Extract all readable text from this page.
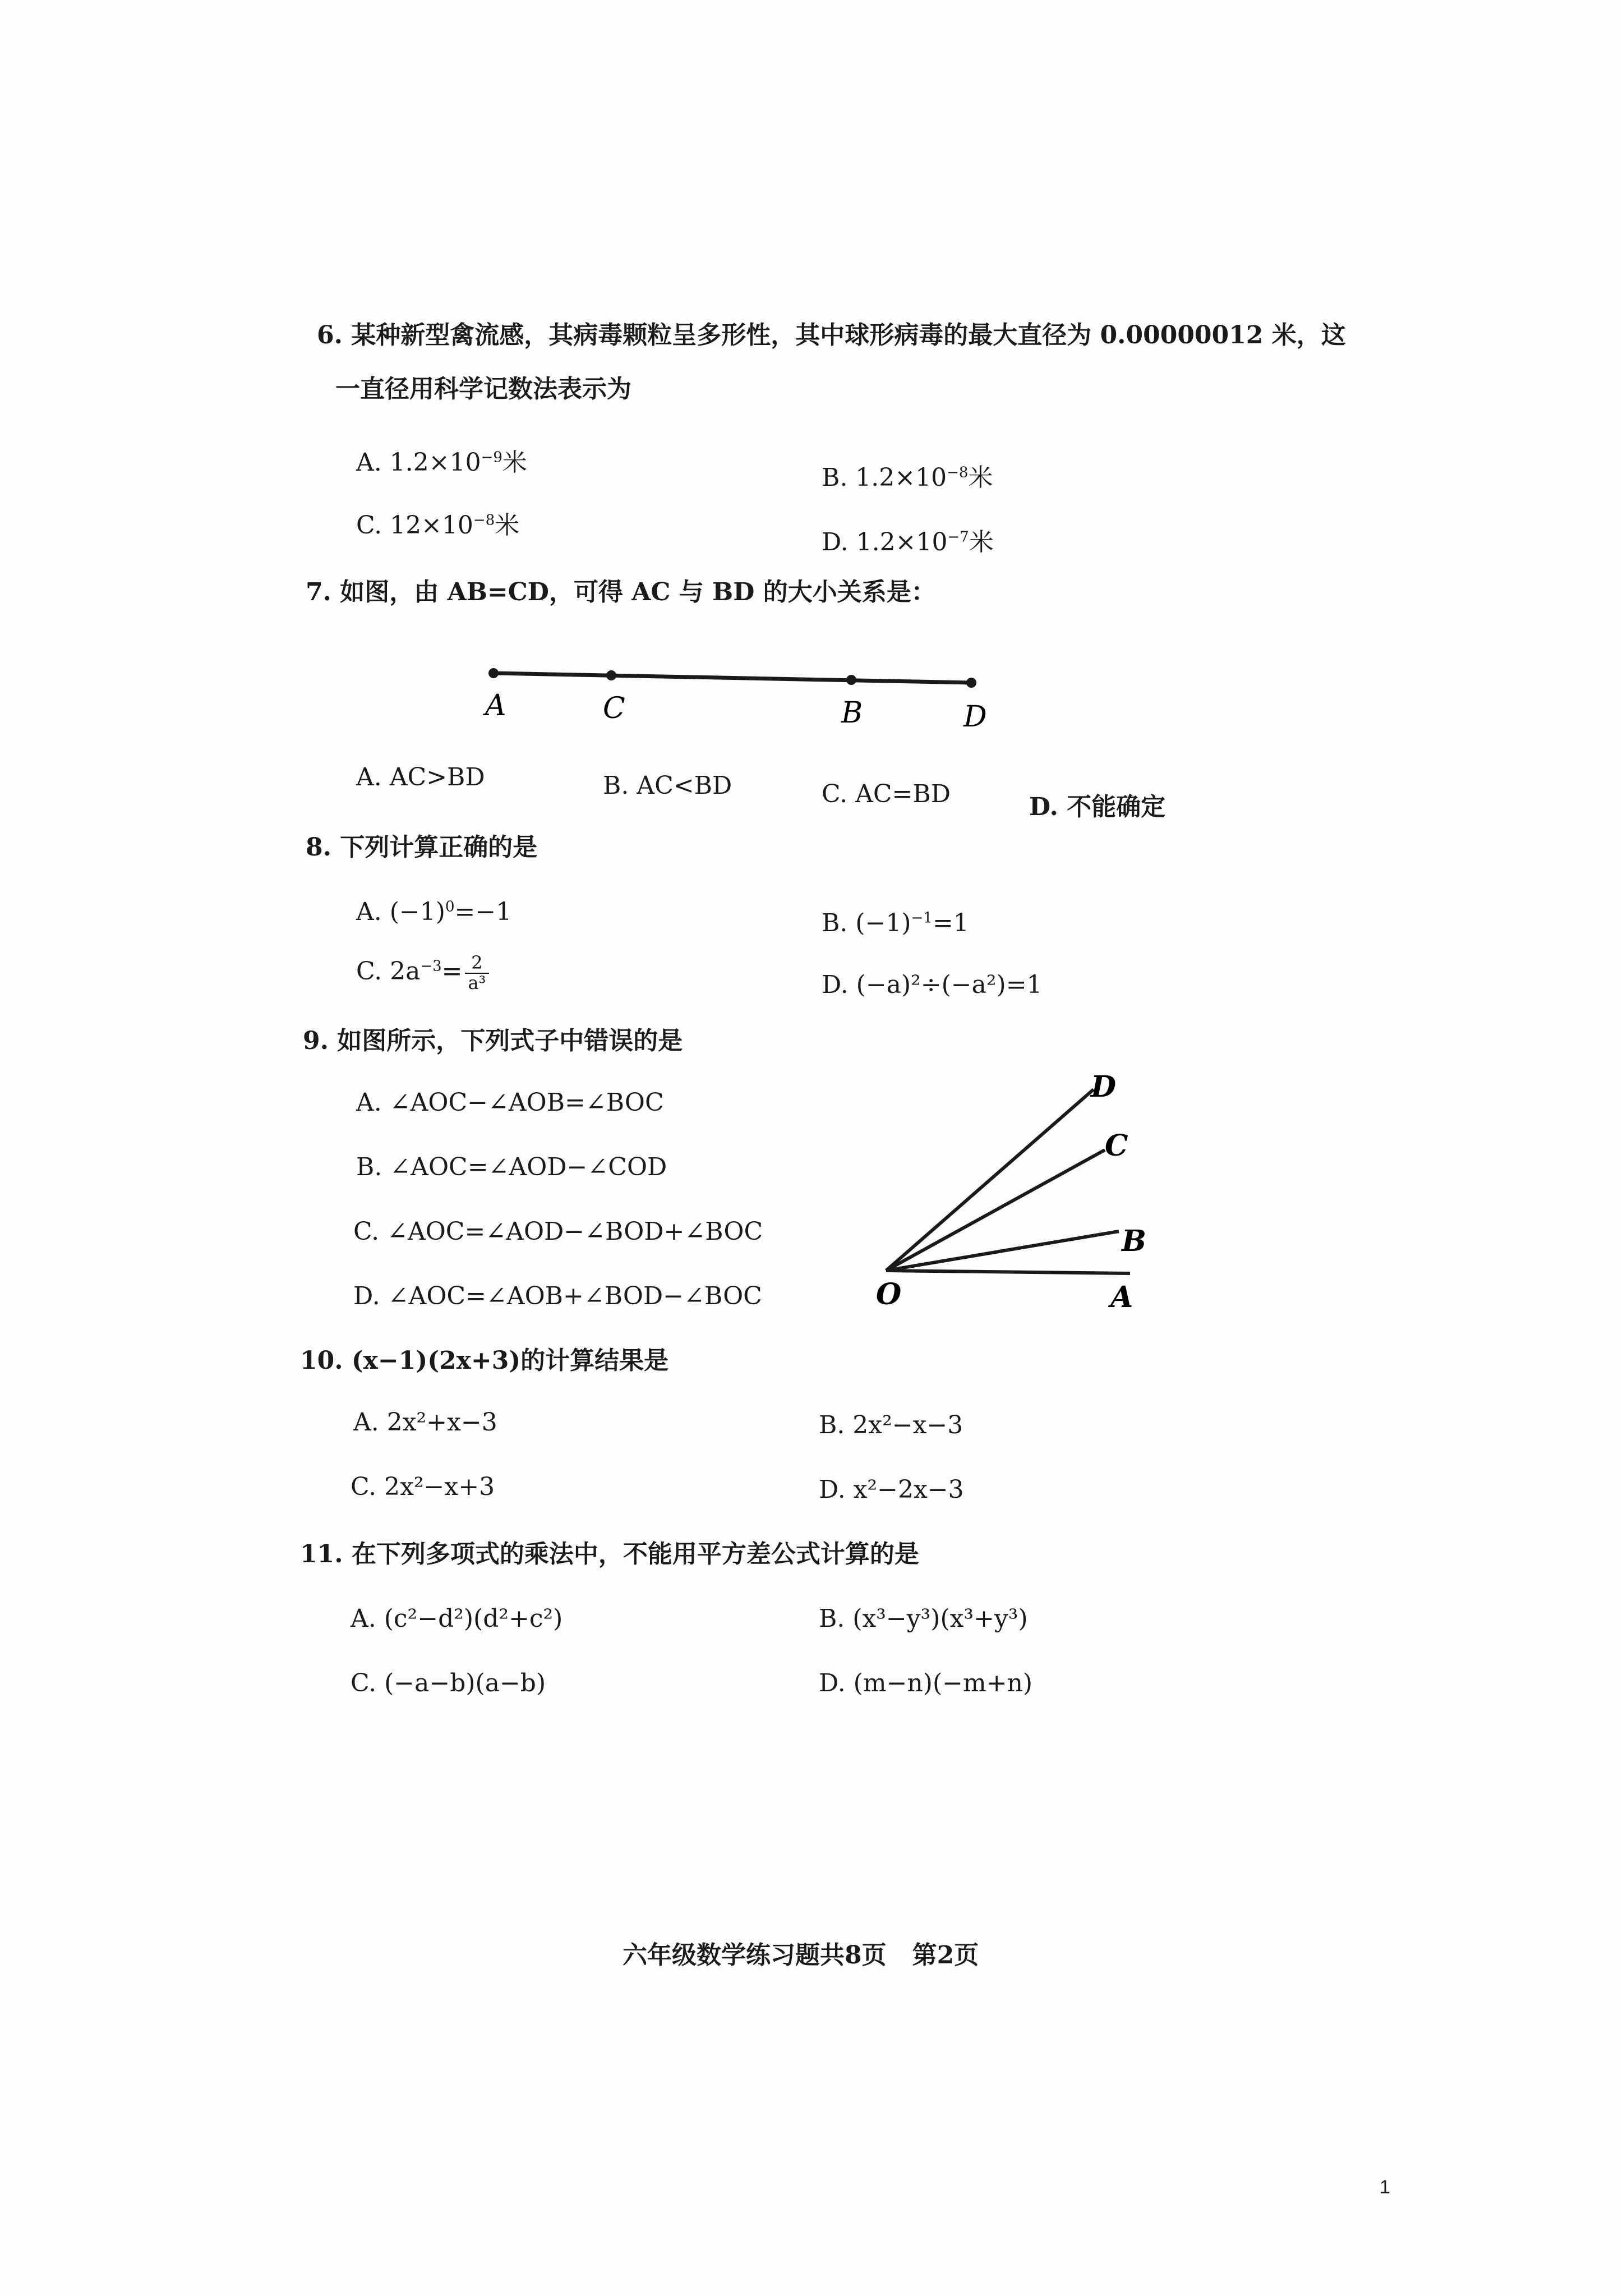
6. 某种新型禽流感，其病毒颗粒呈多形性，其中球形病毒的最大直径为 0.00000012 米，这
一直径用科学记数法表示为
A. $1.2\times 10^{-9}$米
B. $1.2\times 10^{-8}$米
C. $12\times 10^{-8}$米
D. $1.2\times 10^{-7}$米
7. 如图，由 AB=CD，可得 AC 与 BD 的大小关系是：
A	C	B	D
A. AC>BD	B. AC<BD	C. AC=BD	D. 不能确定
8. 下列计算正确的是
A. $(-1)^0=-1$	B. $(-1)^{-1}=1$
C. $2a^{-3}= \frac{2}{\text{a³}}$	D. (−a)²÷(−a²)=1
9. 如图所示，下列式子中错误的是
A. ∠AOC−∠AOB=∠BOC
B. ∠AOC=∠AOD−∠COD
C. ∠AOC=∠AOD−∠BOD+∠BOC
D. ∠AOC=∠AOB+∠BOD−∠BOC
D
C
B
O	A
10. (x−1)(2x+3)的计算结果是
A. 2x²+x−3	B. 2x²−x−3
C. 2x²−x+3	D. x²−2x−3
11. 在下列多项式的乘法中，不能用平方差公式计算的是
A. (c²−d²)(d²+c²)	B. (x³−y³)(x³+y³)
C. (−a−b)(a−b)	D. (m−n)(−m+n)
六年级数学练习题共8页 第2页
1
